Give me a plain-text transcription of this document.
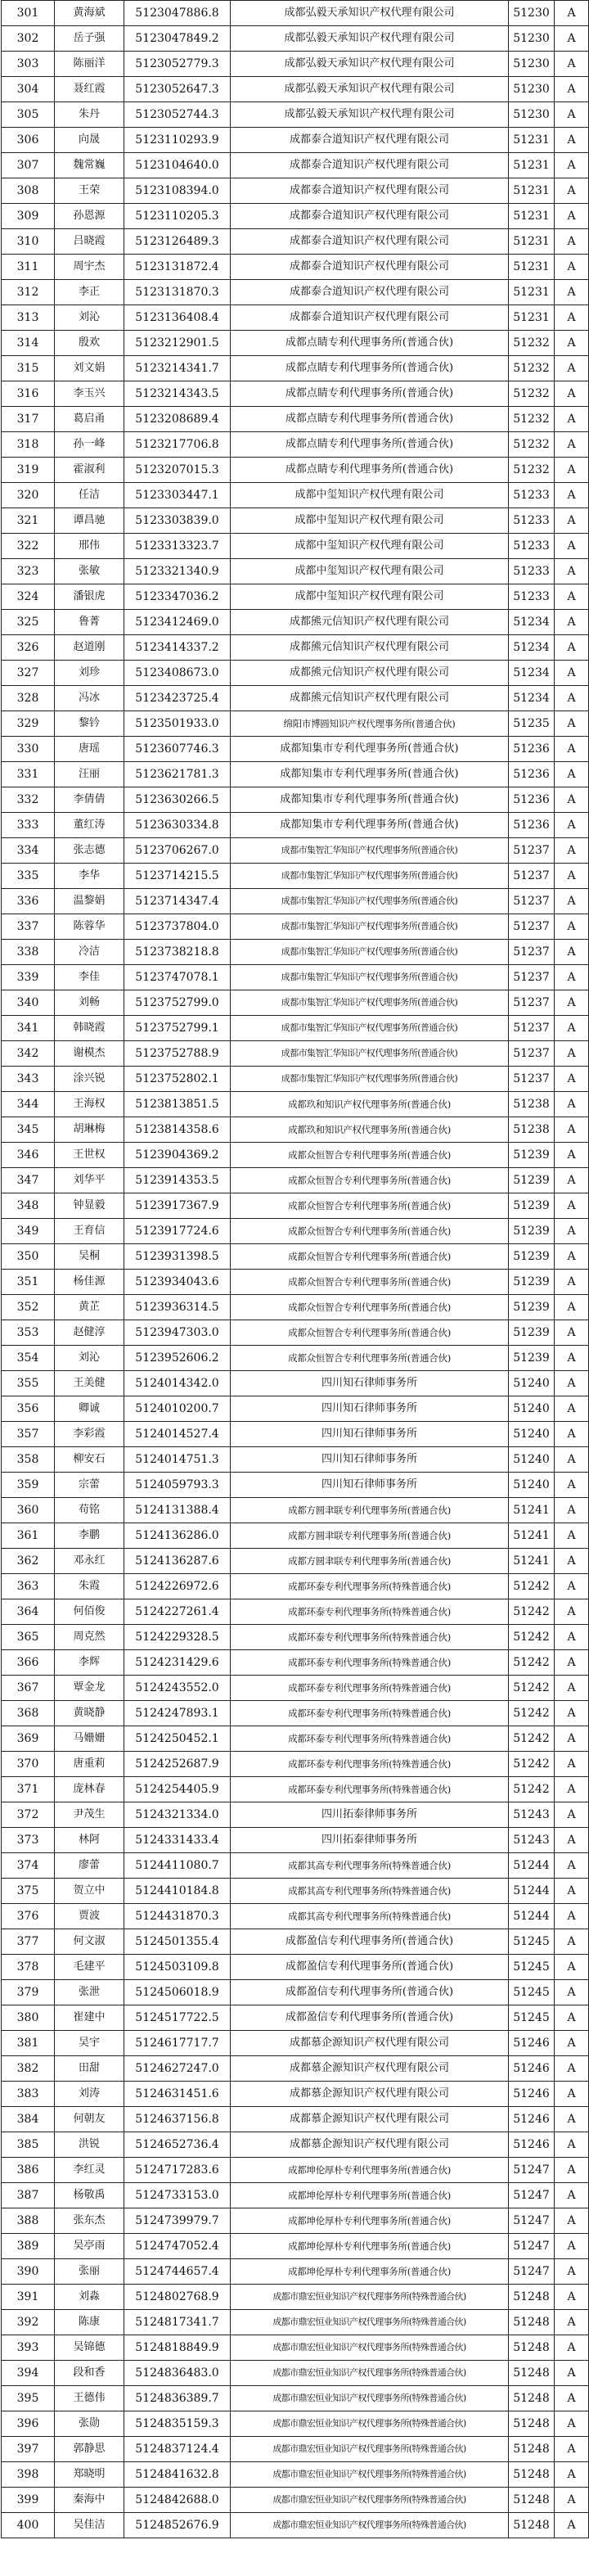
301	黄海斌	5123047886.8	成都弘毅天承知识产权代理有限公司	51230	A
302	岳子强	5123047849.2	成都弘毅天承知识产权代理有限公司	51230	A
303	陈丽洋	5123052779.3	成都弘毅天承知识产权代理有限公司	51230	A
304	聂红霞	5123052647.3	成都弘毅天承知识产权代理有限公司	51230	A
305	朱丹	5123052744.3	成都弘毅天承知识产权代理有限公司	51230	A
306	向晟	5123110293.9	成都泰合道知识产权代理有限公司	51231	A
307	魏常巍	5123104640.0	成都泰合道知识产权代理有限公司	51231	A
308	王荣	5123108394.0	成都泰合道知识产权代理有限公司	51231	A
309	孙恩源	5123110205.3	成都泰合道知识产权代理有限公司	51231	A
310	吕晓霞	5123126489.3	成都泰合道知识产权代理有限公司	51231	A
311	周宇杰	5123131872.4	成都泰合道知识产权代理有限公司	51231	A
312	李正	5123131870.3	成都泰合道知识产权代理有限公司	51231	A
313	刘沁	5123136408.4	成都泰合道知识产权代理有限公司	51231	A
314	殷欢	5123212901.5	成都点睛专利代理事务所(普通合伙)	51232	A
315	刘文娟	5123214341.7	成都点睛专利代理事务所(普通合伙)	51232	A
316	李玉兴	5123214343.5	成都点睛专利代理事务所(普通合伙)	51232	A
317	葛启甬	5123208689.4	成都点睛专利代理事务所(普通合伙)	51232	A
318	孙一峰	5123217706.8	成都点睛专利代理事务所(普通合伙)	51232	A
319	霍淑利	5123207015.3	成都点睛专利代理事务所(普通合伙)	51232	A
320	任洁	5123303447.1	成都中玺知识产权代理有限公司	51233	A
321	谭昌驰	5123303839.0	成都中玺知识产权代理有限公司	51233	A
322	邢伟	5123313323.7	成都中玺知识产权代理有限公司	51233	A
323	张敏	5123321340.9	成都中玺知识产权代理有限公司	51233	A
324	潘银虎	5123347036.2	成都中玺知识产权代理有限公司	51233	A
325	鲁菁	5123412469.0	成都熊元信知识产权代理有限公司	51234	A
326	赵道刚	5123414337.2	成都熊元信知识产权代理有限公司	51234	A
327	刘珍	5123408673.0	成都熊元信知识产权代理有限公司	51234	A
328	冯冰	5123423725.4	成都熊元信知识产权代理有限公司	51234	A
329	黎钤	5123501933.0	绵阳市博圆知识产权代理事务所(普通合伙)	51235	A
330	唐瑶	5123607746.3	成都知集市专利代理事务所(普通合伙)	51236	A
331	汪丽	5123621781.3	成都知集市专利代理事务所(普通合伙)	51236	A
332	李倩倩	5123630266.5	成都知集市专利代理事务所(普通合伙)	51236	A
333	董红涛	5123630334.8	成都知集市专利代理事务所(普通合伙)	51236	A
334	张志德	5123706267.0	成都市集智汇华知识产权代理事务所(普通合伙)	51237	A
335	李华	5123714215.5	成都市集智汇华知识产权代理事务所(普通合伙)	51237	A
336	温黎娟	5123714347.4	成都市集智汇华知识产权代理事务所(普通合伙)	51237	A
337	陈蓉华	5123737804.0	成都市集智汇华知识产权代理事务所(普通合伙)	51237	A
338	冷洁	5123738218.8	成都市集智汇华知识产权代理事务所(普通合伙)	51237	A
339	李佳	5123747078.1	成都市集智汇华知识产权代理事务所(普通合伙)	51237	A
340	刘畅	5123752799.0	成都市集智汇华知识产权代理事务所(普通合伙)	51237	A
341	韩晓霞	5123752799.1	成都市集智汇华知识产权代理事务所(普通合伙)	51237	A
342	谢模杰	5123752788.9	成都市集智汇华知识产权代理事务所(普通合伙)	51237	A
343	涂兴锐	5123752802.1	成都市集智汇华知识产权代理事务所(普通合伙)	51237	A
344	王海权	5123813851.5	成都玖和知识产权代理事务所(普通合伙)	51238	A
345	胡琳梅	5123814358.6	成都玖和知识产权代理事务所(普通合伙)	51238	A
346	王世权	5123904369.2	成都众恒智合专利代理事务所(普通合伙)	51239	A
347	刘华平	5123914353.5	成都众恒智合专利代理事务所(普通合伙)	51239	A
348	钟显毅	5123917367.9	成都众恒智合专利代理事务所(普通合伙)	51239	A
349	王育信	5123917724.6	成都众恒智合专利代理事务所(普通合伙)	51239	A
350	吴桐	5123931398.5	成都众恒智合专利代理事务所(普通合伙)	51239	A
351	杨佳源	5123934043.6	成都众恒智合专利代理事务所(普通合伙)	51239	A
352	黄芷	5123936314.5	成都众恒智合专利代理事务所(普通合伙)	51239	A
353	赵健淳	5123947303.0	成都众恒智合专利代理事务所(普通合伙)	51239	A
354	刘沁	5123952606.2	成都众恒智合专利代理事务所(普通合伙)	51239	A
355	王美健	5124014342.0	四川知石律师事务所	51240	A
356	卿诚	5124010200.7	四川知石律师事务所	51240	A
357	李彩霞	5124014527.4	四川知石律师事务所	51240	A
358	柳安石	5124014751.3	四川知石律师事务所	51240	A
359	宗蕾	5124059793.3	四川知石律师事务所	51240	A
360	苟铭	5124131388.4	成都方圆聿联专利代理事务所(普通合伙)	51241	A
361	李鹏	5124136286.0	成都方圆聿联专利代理事务所(普通合伙)	51241	A
362	邓永红	5124136287.6	成都方圆聿联专利代理事务所(普通合伙)	51241	A
363	朱霞	5124226972.6	成都环泰专利代理事务所(特殊普通合伙)	51242	A
364	何佰俊	5124227261.4	成都环泰专利代理事务所(特殊普通合伙)	51242	A
365	周克然	5124229328.5	成都环泰专利代理事务所(特殊普通合伙)	51242	A
366	李辉	5124231429.6	成都环泰专利代理事务所(特殊普通合伙)	51242	A
367	覃金龙	5124243552.0	成都环泰专利代理事务所(特殊普通合伙)	51242	A
368	黄晓静	5124247893.1	成都环泰专利代理事务所(特殊普通合伙)	51242	A
369	马姗姗	5124250452.1	成都环泰专利代理事务所(特殊普通合伙)	51242	A
370	唐重莉	5124252687.9	成都环泰专利代理事务所(特殊普通合伙)	51242	A
371	庞林春	5124254405.9	成都环泰专利代理事务所(特殊普通合伙)	51242	A
372	尹茂生	5124321334.0	四川拓泰律师事务所	51243	A
373	林阿	5124331433.4	四川拓泰律师事务所	51243	A
374	廖蕾	5124411080.7	成都其高专利代理事务所(特殊普通合伙)	51244	A
375	贺立中	5124410184.8	成都其高专利代理事务所(特殊普通合伙)	51244	A
376	贾波	5124431870.3	成都其高专利代理事务所(特殊普通合伙)	51244	A
377	何文淑	5124501355.4	成都盈信专利代理事务所(普通合伙)	51245	A
378	毛建平	5124503109.8	成都盈信专利代理事务所(普通合伙)	51245	A
379	张泄	5124506018.9	成都盈信专利代理事务所(普通合伙)	51245	A
380	崔建中	5124517722.5	成都盈信专利代理事务所(普通合伙)	51245	A
381	吴宇	5124617717.7	成都慕企源知识产权代理有限公司	51246	A
382	田甜	5124627247.0	成都慕企源知识产权代理有限公司	51246	A
383	刘涛	5124631451.6	成都慕企源知识产权代理有限公司	51246	A
384	何朝友	5124637156.8	成都慕企源知识产权代理有限公司	51246	A
385	洪锐	5124652736.4	成都慕企源知识产权代理有限公司	51246	A
386	李红灵	5124717283.6	成都坤伦厚朴专利代理事务所(普通合伙)	51247	A
387	杨敬禹	5124733153.0	成都坤伦厚朴专利代理事务所(普通合伙)	51247	A
388	张东杰	5124739979.7	成都坤伦厚朴专利代理事务所(普通合伙)	51247	A
389	吴亭雨	5124747052.4	成都坤伦厚朴专利代理事务所(普通合伙)	51247	A
390	张丽	5124744657.4	成都坤伦厚朴专利代理事务所(普通合伙)	51247	A
391	刘淼	5124802768.9	成都市鼎宏恒业知识产权代理事务所(特殊普通合伙)	51248	A
392	陈康	5124817341.7	成都市鼎宏恒业知识产权代理事务所(特殊普通合伙)	51248	A
393	吴锦德	5124818849.9	成都市鼎宏恒业知识产权代理事务所(特殊普通合伙)	51248	A
394	段和香	5124836483.0	成都市鼎宏恒业知识产权代理事务所(特殊普通合伙)	51248	A
395	王德伟	5124836389.7	成都市鼎宏恒业知识产权代理事务所(特殊普通合伙)	51248	A
396	张勋	5124835159.3	成都市鼎宏恒业知识产权代理事务所(特殊普通合伙)	51248	A
397	郭静思	5124837124.4	成都市鼎宏恒业知识产权代理事务所(特殊普通合伙)	51248	A
398	郑晓明	5124841632.8	成都市鼎宏恒业知识产权代理事务所(特殊普通合伙)	51248	A
399	秦海中	5124842688.0	成都市鼎宏恒业知识产权代理事务所(特殊普通合伙)	51248	A
400	吴佳洁	5124852676.9	成都市鼎宏恒业知识产权代理事务所(特殊普通合伙)	51248	A
